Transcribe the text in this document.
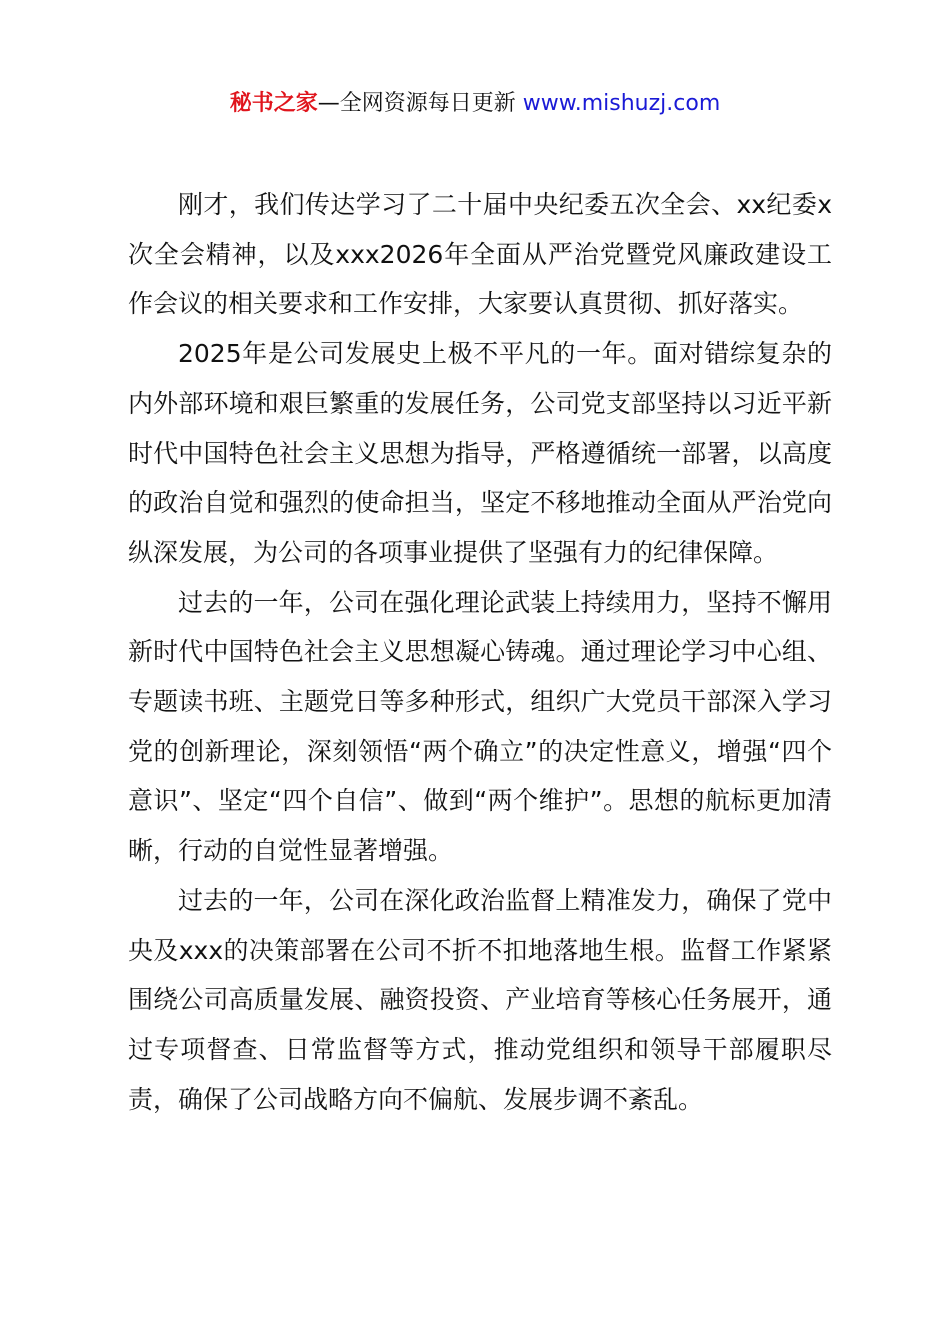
秘书之家—全网资源每日更新 www.mishuzj.com

刚才，我们传达学习了二十届中央纪委五次全会、xx纪委x次全会精神，以及xxx2026年全面从严治党暨党风廉政建设工作会议的相关要求和工作安排，大家要认真贯彻、抓好落实。

2025年是公司发展史上极不平凡的一年。面对错综复杂的内外部环境和艰巨繁重的发展任务，公司党支部坚持以习近平新时代中国特色社会主义思想为指导，严格遵循统一部署，以高度的政治自觉和强烈的使命担当，坚定不移地推动全面从严治党向纵深发展，为公司的各项事业提供了坚强有力的纪律保障。

过去的一年，公司在强化理论武装上持续用力，坚持不懈用新时代中国特色社会主义思想凝心铸魂。通过理论学习中心组、专题读书班、主题党日等多种形式，组织广大党员干部深入学习党的创新理论，深刻领悟“两个确立”的决定性意义，增强“四个意识”、坚定“四个自信”、做到“两个维护”。思想的航标更加清晰，行动的自觉性显著增强。

过去的一年，公司在深化政治监督上精准发力，确保了党中央及xxx的决策部署在公司不折不扣地落地生根。监督工作紧紧围绕公司高质量发展、融资投资、产业培育等核心任务展开，通过专项督查、日常监督等方式，推动党组织和领导干部履职尽责，确保了公司战略方向不偏航、发展步调不紊乱。
